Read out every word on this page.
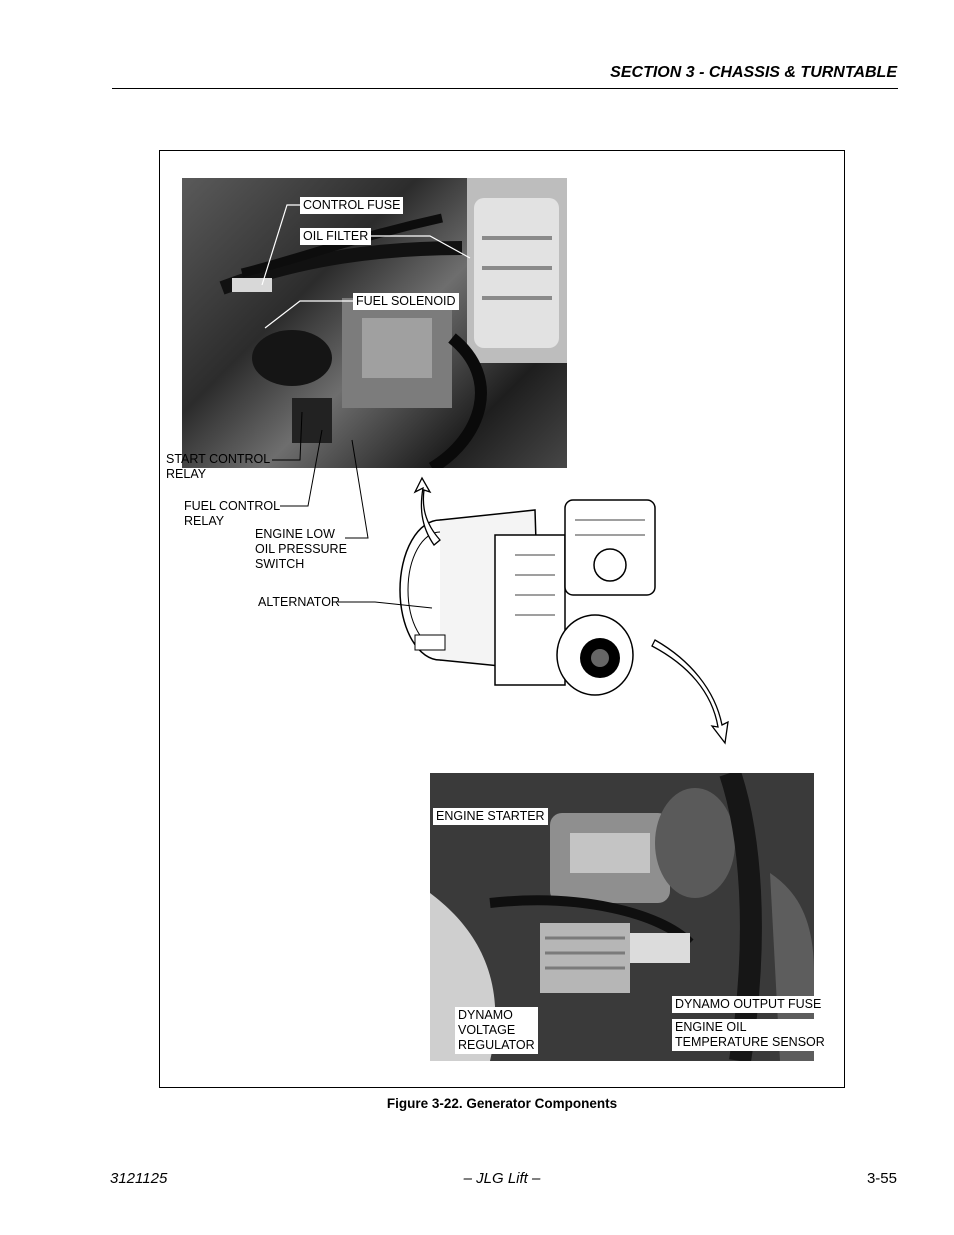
SECTION 3 - CHASSIS & TURNTABLE
CONTROL FUSE
OIL FILTER
FUEL SOLENOID
START CONTROL
RELAY
FUEL CONTROL
RELAY
ENGINE LOW
OIL PRESSURE
SWITCH
ALTERNATOR
ENGINE STARTER
DYNAMO
VOLTAGE
REGULATOR
DYNAMO OUTPUT FUSE
ENGINE OIL
TEMPERATURE SENSOR
Figure 3-22. Generator Components
3121125	– JLG Lift –	3-55
